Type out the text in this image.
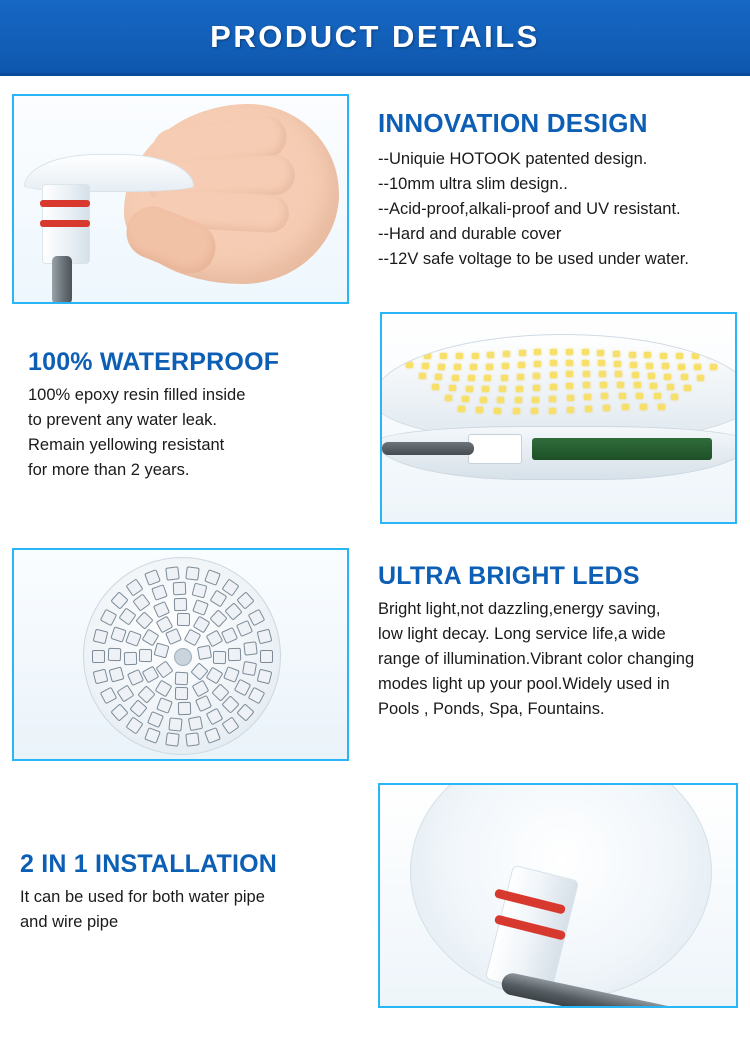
PRODUCT DETAILS
INNOVATION DESIGN
--Uniquie HOTOOK patented design.
--10mm ultra slim design..
--Acid-proof,alkali-proof and UV resistant.
--Hard and durable cover
--12V safe voltage to be used under water.
100% WATERPROOF
100% epoxy resin filled inside
to prevent any water leak.
Remain yellowing resistant
for more than 2 years.
ULTRA BRIGHT LEDS
Bright light,not dazzling,energy saving,
low light decay. Long service life,a wide
range of illumination.Vibrant color changing
modes light up your pool.Widely used in
Pools , Ponds, Spa, Fountains.
2 IN 1 INSTALLATION
It can be used for both water pipe
and wire pipe
